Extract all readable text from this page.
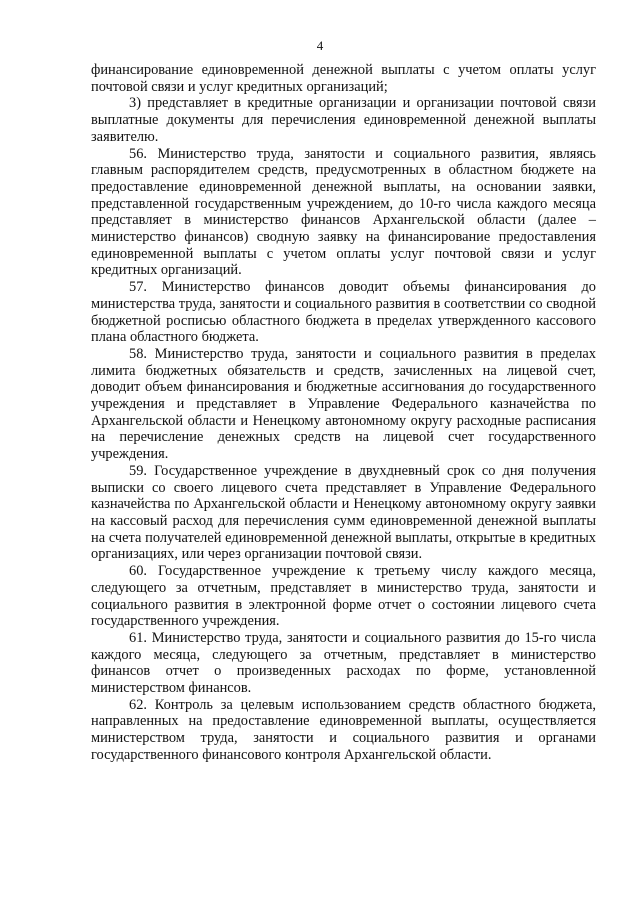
4

финансирование единовременной денежной выплаты с учетом оплаты услуг почтовой связи и услуг кредитных организаций;

3) представляет в кредитные организации и организации почтовой связи выплатные документы для перечисления единовременной денежной выплаты заявителю.

56. Министерство труда, занятости и социального развития, являясь главным распорядителем средств, предусмотренных в областном бюджете на предоставление единовременной денежной выплаты, на основании заявки, представленной государственным учреждением, до 10-го числа каждого месяца представляет в министерство финансов Архангельской области (далее – министерство финансов) сводную заявку на финансирование предоставления единовременной выплаты с учетом оплаты услуг почтовой связи и услуг кредитных организаций.

57. Министерство финансов доводит объемы финансирования до министерства труда, занятости и социального развития в соответствии со сводной бюджетной росписью областного бюджета в пределах утвержденного кассового плана областного бюджета.

58. Министерство труда, занятости и социального развития в пределах лимита бюджетных обязательств и средств, зачисленных на лицевой счет, доводит объем финансирования и бюджетные ассигнования до государственного учреждения и представляет в Управление Федерального казначейства по Архангельской области и Ненецкому автономному округу расходные расписания на перечисление денежных средств на лицевой счет государственного учреждения.

59. Государственное учреждение в двухдневный срок со дня получения выписки со своего лицевого счета представляет в Управление Федерального казначейства по Архангельской области и Ненецкому автономному округу заявки на кассовый расход для перечисления сумм единовременной денежной выплаты на счета получателей единовременной денежной выплаты, открытые в кредитных организациях, или через организации почтовой связи.

60. Государственное учреждение к третьему числу каждого месяца, следующего за отчетным, представляет в министерство труда, занятости и социального развития в электронной форме отчет о состоянии лицевого счета государственного учреждения.

61. Министерство труда, занятости и социального развития до 15-го числа каждого месяца, следующего за отчетным, представляет в министерство финансов отчет о произведенных расходах по форме, установленной министерством финансов.

62. Контроль за целевым использованием средств областного бюджета, направленных на предоставление единовременной выплаты, осуществляется министерством труда, занятости и социального развития и органами государственного финансового контроля Архангельской области.
